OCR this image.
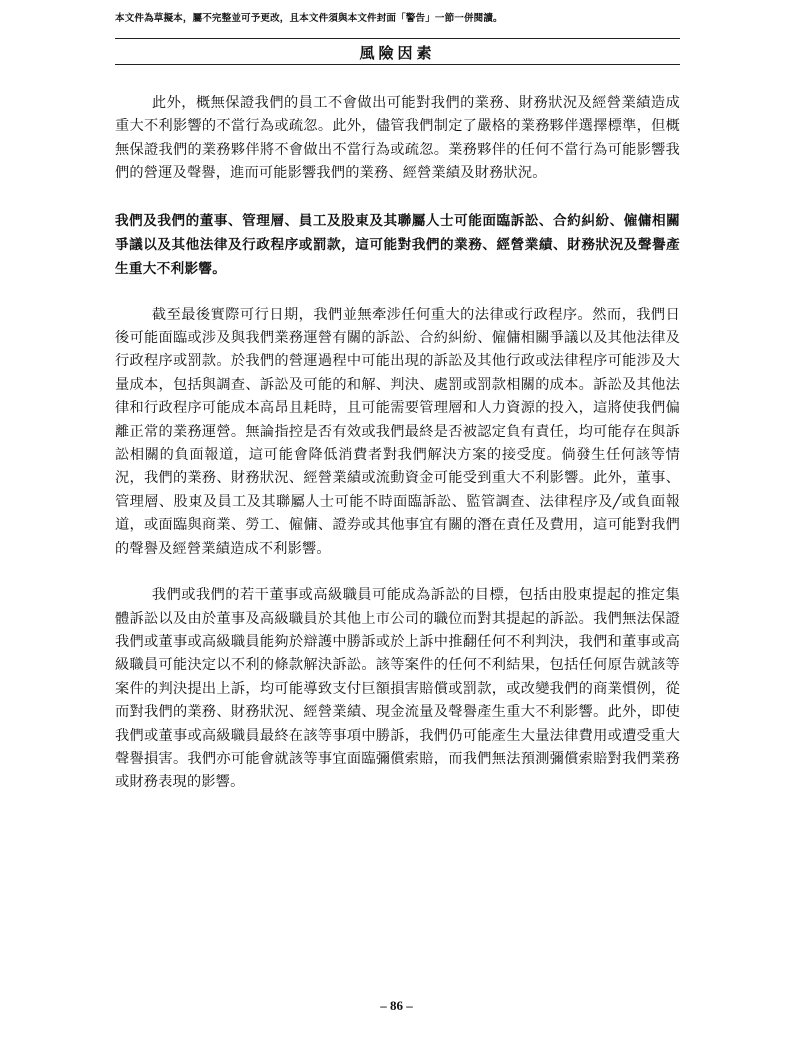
本文件為草擬本，屬不完整並可予更改，且本文件須與本文件封面「警告」一節一併閱讀。
風險因素

此外，概無保證我們的員工不會做出可能對我們的業務、財務狀況及經營業績造成重大不利影響的不當行為或疏忽。此外，儘管我們制定了嚴格的業務夥伴選擇標準，但概無保證我們的業務夥伴將不會做出不當行為或疏忽。業務夥伴的任何不當行為可能影響我們的營運及聲譽，進而可能影響我們的業務、經營業績及財務狀況。

我們及我們的董事、管理層、員工及股東及其聯屬人士可能面臨訴訟、合約糾紛、僱傭相關爭議以及其他法律及行政程序或罰款，這可能對我們的業務、經營業績、財務狀況及聲譽產生重大不利影響。

截至最後實際可行日期，我們並無牽涉任何重大的法律或行政程序。然而，我們日後可能面臨或涉及與我們業務運營有關的訴訟、合約糾紛、僱傭相關爭議以及其他法律及行政程序或罰款。於我們的營運過程中可能出現的訴訟及其他行政或法律程序可能涉及大量成本，包括與調查、訴訟及可能的和解、判決、處罰或罰款相關的成本。訴訟及其他法律和行政程序可能成本高昂且耗時，且可能需要管理層和人力資源的投入，這將使我們偏離正常的業務運營。無論指控是否有效或我們最終是否被認定負有責任，均可能存在與訴訟相關的負面報道，這可能會降低消費者對我們解決方案的接受度。倘發生任何該等情況，我們的業務、財務狀況、經營業績或流動資金可能受到重大不利影響。此外，董事、管理層、股東及員工及其聯屬人士可能不時面臨訴訟、監管調查、法律程序及╱或負面報道，或面臨與商業、勞工、僱傭、證券或其他事宜有關的潛在責任及費用，這可能對我們的聲譽及經營業績造成不利影響。

我們或我們的若干董事或高級職員可能成為訴訟的目標，包括由股東提起的推定集體訴訟以及由於董事及高級職員於其他上市公司的職位而對其提起的訴訟。我們無法保證我們或董事或高級職員能夠於辯護中勝訴或於上訴中推翻任何不利判決，我們和董事或高級職員可能決定以不利的條款解決訴訟。該等案件的任何不利結果，包括任何原告就該等案件的判決提出上訴，均可能導致支付巨額損害賠償或罰款，或改變我們的商業慣例，從而對我們的業務、財務狀況、經營業績、現金流量及聲譽產生重大不利影響。此外，即使我們或董事或高級職員最終在該等事項中勝訴，我們仍可能產生大量法律費用或遭受重大聲譽損害。我們亦可能會就該等事宜面臨彌償索賠，而我們無法預測彌償索賠對我們業務或財務表現的影響。

– 86 –
